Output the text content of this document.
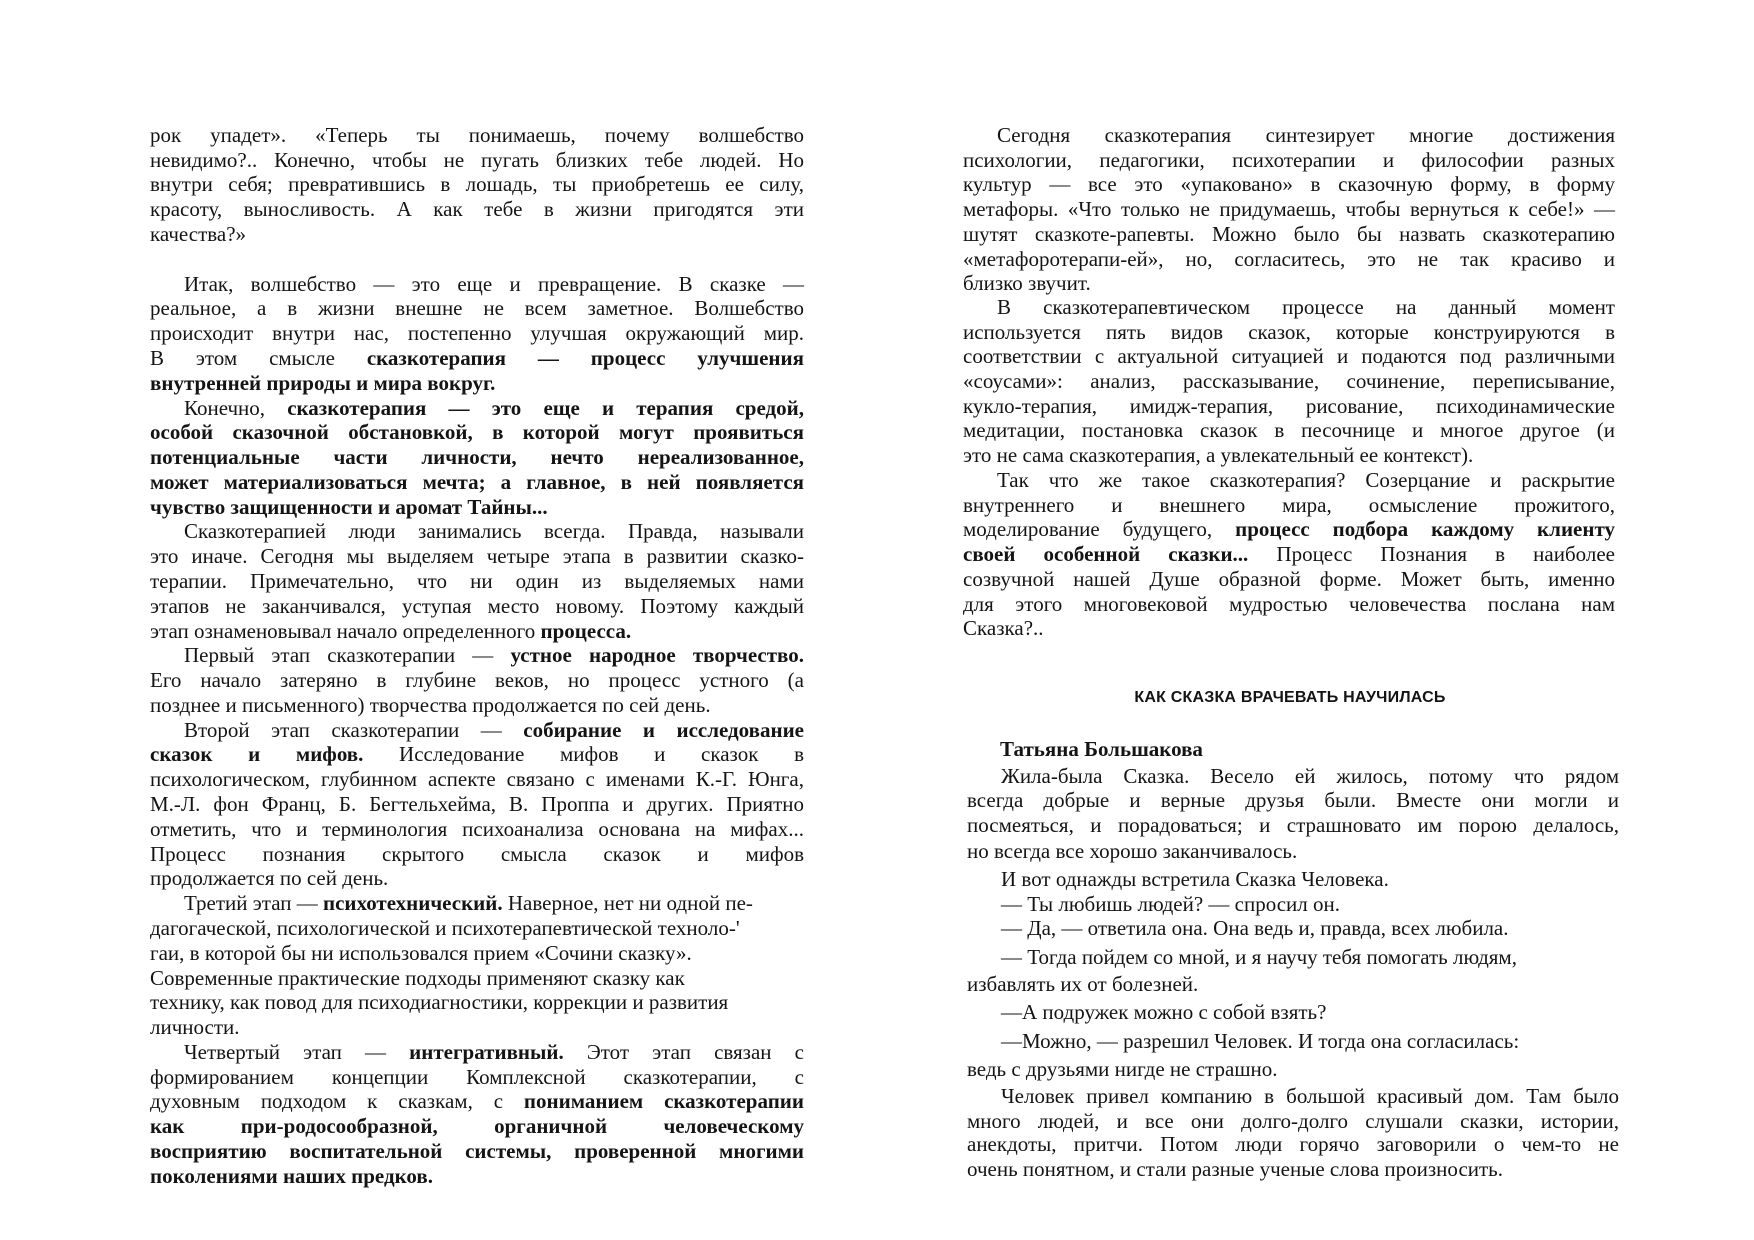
рок упадет». «Теперь ты понимаешь, почему волшебство
невидимо?.. Конечно, чтобы не пугать близких тебе людей. Но
внутри себя; превратившись в лошадь, ты приобретешь ее силу,
красоту, выносливость. А как тебе в жизни пригодятся эти
качества?»
Итак, волшебство — это еще и превращение. В сказке —
реальное, а в жизни внешне не всем заметное. Волшебство
происходит внутри нас, постепенно улучшая окружающий мир.
В этом смысле сказкотерапия — процесс улучшения
внутренней природы и мира вокруг.
Конечно, сказкотерапия — это еще и терапия средой,
особой сказочной обстановкой, в которой могут проявиться
потенциальные части личности, нечто нереализованное,
может материализоваться мечта; а главное, в ней появляется
чувство защищенности и аромат Тайны...
Сказкотерапией люди занимались всегда. Правда, называли
это иначе. Сегодня мы выделяем четыре этапа в развитии сказко-
терапии. Примечательно, что ни один из выделяемых нами
этапов не заканчивался, уступая место новому. Поэтому каждый
этап ознаменовывал начало определенного процесса.
Первый этап сказкотерапии — устное народное творчество.
Его начало затеряно в глубине веков, но процесс устного (а
позднее и письменного) творчества продолжается по сей день.
Второй этап сказкотерапии — собирание и исследование
сказок и мифов. Исследование мифов и сказок в
психологическом, глубинном аспекте связано с именами К.-Г. Юнга,
М.-Л. фон Франц, Б. Бегтельхейма, В. Проппа и других. Приятно
отметить, что и терминология психоанализа основана на мифах...
Процесс познания скрытого смысла сказок и мифов
продолжается по сей день.
Третий этап — психотехнический. Наверное, нет ни одной пе-
дагогаческой, психологической и психотерапевтической техноло-'
гаи, в которой бы ни использовался прием «Сочини сказку».
Современные практические подходы применяют сказку как
технику, как повод для психодиагностики, коррекции и развития
личности.
Четвертый этап — интегративный. Этот этап связан с
формированием концепции Комплексной сказкотерапии, с
духовным подходом к сказкам, с пониманием сказкотерапии
как при-родосообразной, органичной человеческому
восприятию воспитательной системы, проверенной многими
поколениями наших предков.
КАК СКАЗКА ВРАЧЕВАТЬ НАУЧИЛАСЬ
Сегодня сказкотерапия синтезирует многие достижения
психологии, педагогики, психотерапии и философии разных
культур — все это «упаковано» в сказочную форму, в форму
метафоры. «Что только не придумаешь, чтобы вернуться к себе!» —
шутят сказкоте-рапевты. Можно было бы назвать сказкотерапию
«метафоротерапи-ей», но, согласитесь, это не так красиво и
близко звучит.
В сказкотерапевтическом процессе на данный момент
используется пять видов сказок, которые конструируются в
соответствии с актуальной ситуацией и подаются под различными
«соусами»: анализ, рассказывание, сочинение, переписывание,
кукло-терапия, имидж-терапия, рисование, психодинамические
медитации, постановка сказок в песочнице и многое другое (и
это не сама сказкотерапия, а увлекательный ее контекст).
Так что же такое сказкотерапия? Созерцание и раскрытие
внутреннего и внешнего мира, осмысление прожитого,
моделирование будущего, процесс подбора каждому клиенту
своей особенной сказки... Процесс Познания в наиболее
созвучной нашей Душе образной форме. Может быть, именно
для этого многовековой мудростью человечества послана нам
Сказка?..
Татьяна Большакова
Жила-была Сказка. Весело ей жилось, потому что рядом
всегда добрые и верные друзья были. Вместе они могли и
посмеяться, и порадоваться; и страшновато им порою делалось,
но всегда все хорошо заканчивалось.
И вот однажды встретила Сказка Человека.
— Ты любишь людей? — спросил он.
— Да, — ответила она. Она ведь и, правда, всех любила.
— Тогда пойдем со мной, и я научу тебя помогать людям,
избавлять их от болезней.
—А подружек можно с собой взять?
—Можно, — разрешил Человек. И тогда она согласилась:
ведь с друзьями нигде не страшно.
Человек привел компанию в большой красивый дом. Там было
много людей, и все они долго-долго слушали сказки, истории,
анекдоты, притчи. Потом люди горячо заговорили о чем-то не
очень понятном, и стали разные ученые слова произносить.
